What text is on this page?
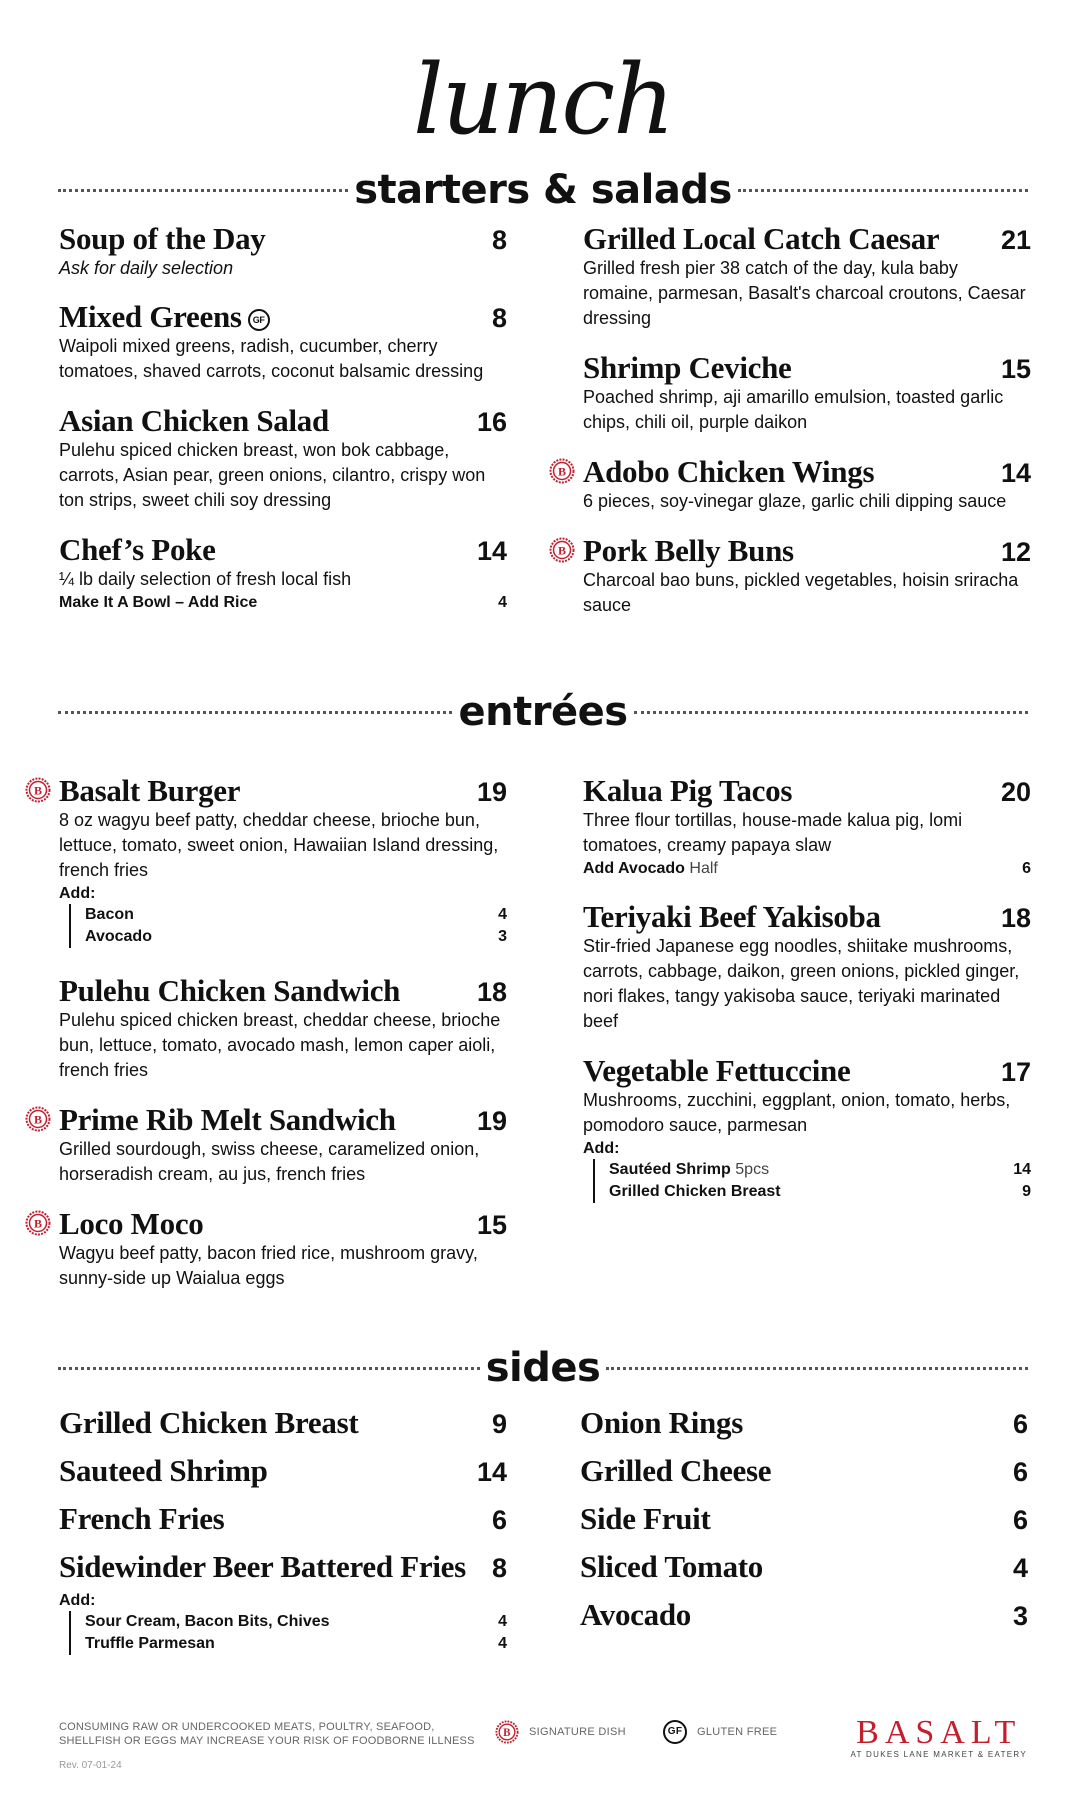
lunch
starters & salads
Soup of the Day	8
Ask for daily selection
Mixed Greens GF	8
Waipoli mixed greens, radish, cucumber, cherry tomatoes, shaved carrots, coconut balsamic dressing
Asian Chicken Salad	16
Pulehu spiced chicken breast, won bok cabbage, carrots, Asian pear, green onions, cilantro, crispy won ton strips, sweet chili soy dressing
Chef’s Poke	14
¼ lb daily selection of fresh local fish
Make It A Bowl – Add Rice	4
Grilled Local Catch Caesar 21
Grilled fresh pier 38 catch of the day, kula baby romaine, parmesan, Basalt's charcoal croutons, Caesar dressing
Shrimp Ceviche	15
Poached shrimp, aji amarillo emulsion, toasted garlic chips, chili oil, purple daikon
B Adobo Chicken Wings	14
6 pieces, soy-vinegar glaze, garlic chili dipping sauce
B Pork Belly Buns	12
Charcoal bao buns, pickled vegetables, hoisin sriracha sauce
entrées
B Basalt Burger	19
8 oz wagyu beef patty, cheddar cheese, brioche bun, lettuce, tomato, sweet onion, Hawaiian Island dressing, french fries
Add:
Bacon	4
Avocado	3
Pulehu Chicken Sandwich	18
Pulehu spiced chicken breast, cheddar cheese, brioche bun, lettuce, tomato, avocado mash, lemon caper aioli, french fries
B Prime Rib Melt Sandwich	19
Grilled sourdough, swiss cheese, caramelized onion, horseradish cream, au jus, french fries
B Loco Moco	15
Wagyu beef patty, bacon fried rice, mushroom gravy, sunny-side up Waialua eggs
Kalua Pig Tacos	20
Three flour tortillas, house-made kalua pig, lomi tomatoes, creamy papaya slaw
Add Avocado Half	6
Teriyaki Beef Yakisoba	18
Stir-fried Japanese egg noodles, shiitake mushrooms, carrots, cabbage, daikon, green onions, pickled ginger, nori flakes, tangy yakisoba sauce, teriyaki marinated beef
Vegetable Fettuccine	17
Mushrooms, zucchini, eggplant, onion, tomato, herbs, pomodoro sauce, parmesan
Add:
Sautéed Shrimp 5pcs	14
Grilled Chicken Breast	9
sides
Grilled Chicken Breast	9
Sauteed Shrimp	14
French Fries	6
Sidewinder Beer Battered Fries 8
Add:
Sour Cream, Bacon Bits, Chives	4
Truffle Parmesan	4
Onion Rings	6
Grilled Cheese	6
Side Fruit	6
Sliced Tomato	4
Avocado	3
CONSUMING RAW OR UNDERCOOKED MEATS, POULTRY, SEAFOOD,
SHELLFISH OR EGGS MAY INCREASE YOUR RISK OF FOODBORNE ILLNESS
Rev. 07-01-24
B SIGNATURE DISH	GF	GLUTEN FREE BASALT
AT DUKES LANE MARKET & EATERY
